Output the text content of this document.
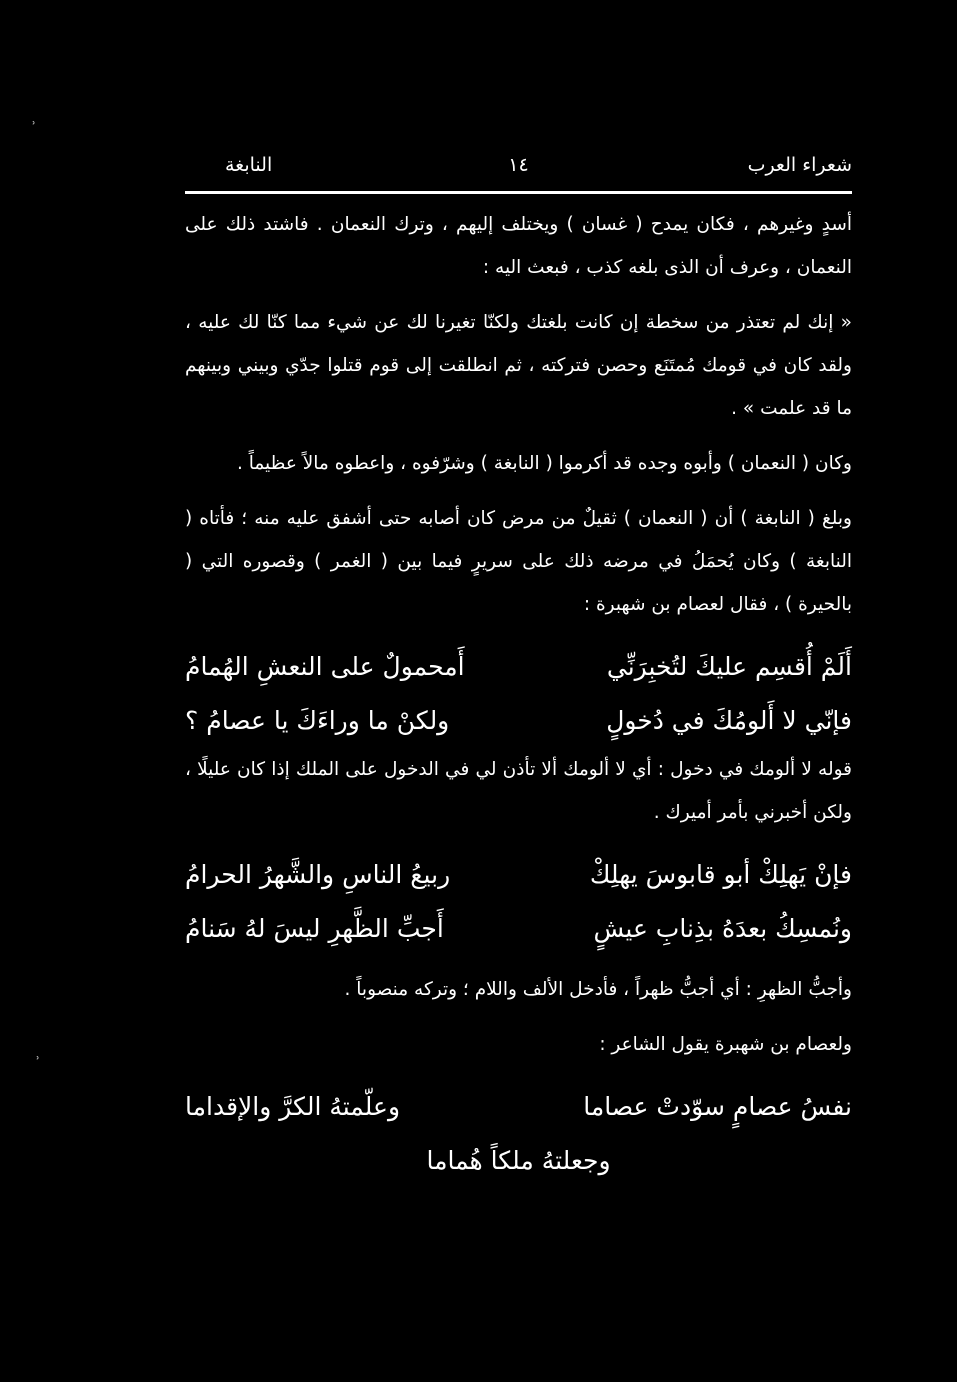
شعراء العرب
١٤
النابغة

أسدٍ وغيرهم ، فكان يمدح ( غسان ) ويختلف إليهم ، وترك النعمان . فاشتد ذلك على النعمان ، وعرف أن الذى بلغه كذب ، فبعث اليه :

« إنك لم تعتذر من سخطة إن كانت بلغتك ولكنّا تغيرنا لك عن شيء مما كنّا لك عليه ، ولقد كان في قومك مُمتَنَع وحصن فتركته ، ثم انطلقت إلى قوم قتلوا جدّي وبيني وبينهم ما قد علمت » .

وكان ( النعمان ) وأبوه وجده قد أكرموا ( النابغة ) وشرّفوه ، واعطوه مالاً عظيماً .

وبلغ ( النابغة ) أن ( النعمان ) ثقيلٌ من مرض كان أصابه حتى أشفق عليه منه ؛ فأتاه ( النابغة ) وكان يُحمَلُ في مرضه ذلك على سريرٍ فيما بين ( الغمر ) وقصوره التي ( بالحيرة ) ، فقال لعصام بن شهبرة :

أَلَمْ أُقسِم عليكَ لتُخبِرَنِّي
أَمحمولٌ على النعشِ الهُمامُ
فإنّي لا أَلومُكَ في دُخولٍ
ولكنْ ما وراءَكَ يا عصامُ ؟

قوله لا ألومك في دخول : أي لا ألومك ألا تأذن لي في الدخول على الملك إذا كان عليلًا ، ولكن أخبرني بأمر أميرك .

فإنْ يَهلِكْ أبو قابوسَ يهلِكْ
ربيعُ الناسِ والشَّهرُ الحرامُ
ونُمسِكُ بعدَهُ بذِنابِ عيشٍ
أَجبِّ الظَّهرِ ليسَ لهُ سَنامُ

وأجبُّ الظهرِ : أي أجبُّ ظهراً ، فأدخل الألف واللام ؛ وتركه منصوباً .

ولعصام بن شهبرة يقول الشاعر :

نفسُ عصامٍ سوّدتْ عصاما
وعلّمتهُ الكرَّ والإقداما
وجعلتهُ ملكاً هُماما
ʾ
ʾ
